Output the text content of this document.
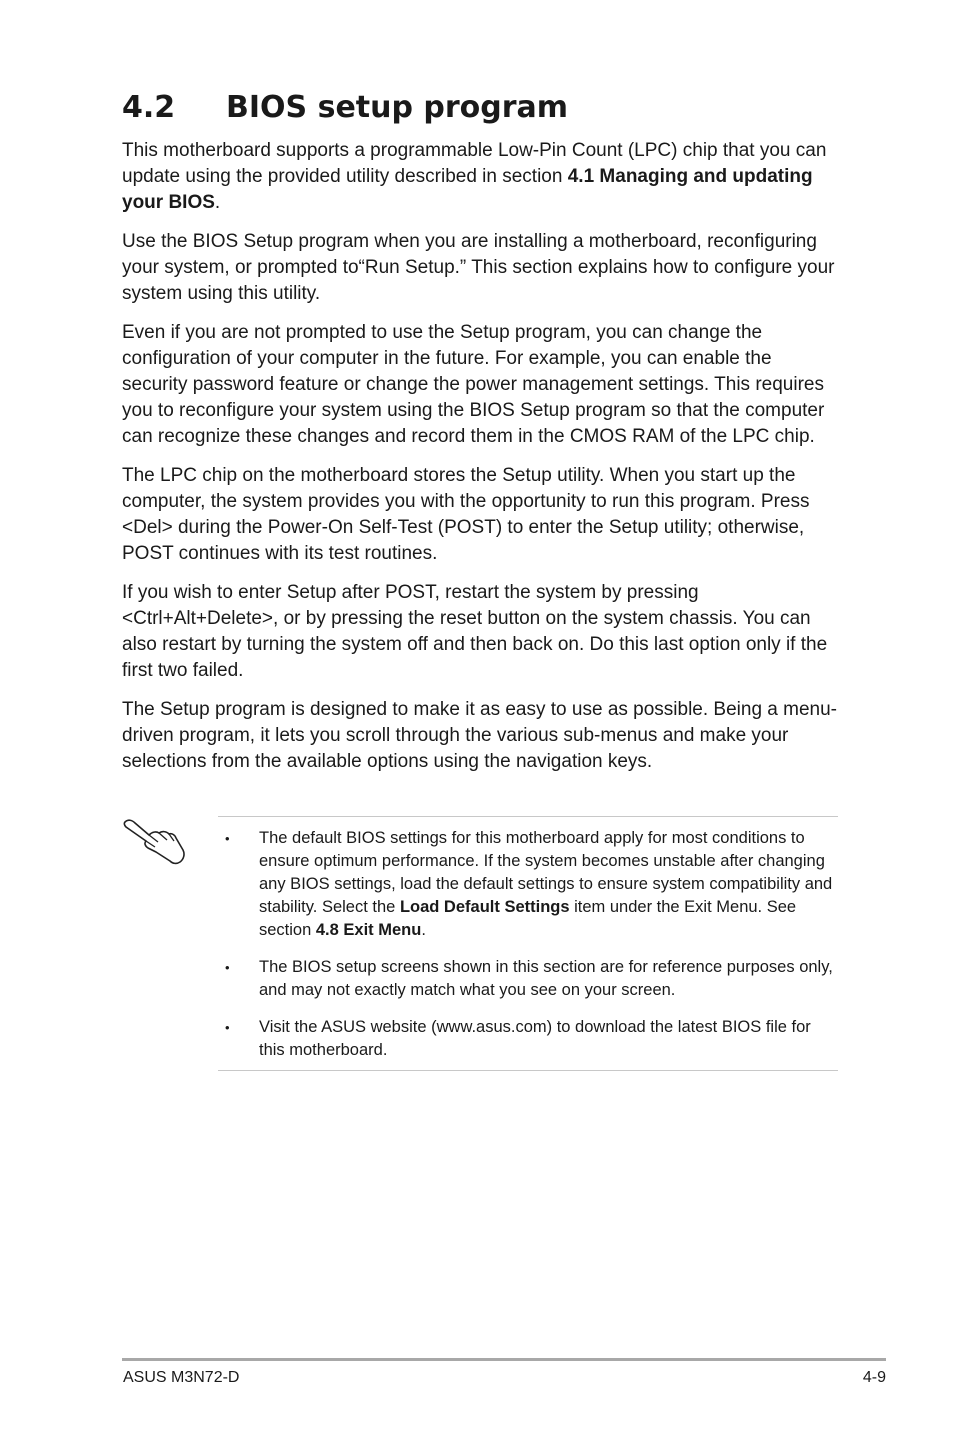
4.2 BIOS setup program

This motherboard supports a programmable Low-Pin Count (LPC) chip that you can update using the provided utility described in section 4.1 Managing and updating your BIOS.

Use the BIOS Setup program when you are installing a motherboard, reconfiguring your system, or prompted to“Run Setup.” This section explains how to configure your system using this utility.

Even if you are not prompted to use the Setup program, you can change the configuration of your computer in the future. For example, you can enable the security password feature or change the power management settings. This requires you to reconfigure your system using the BIOS Setup program so that the computer can recognize these changes and record them in the CMOS RAM of the LPC chip.

The LPC chip on the motherboard stores the Setup utility. When you start up the computer, the system provides you with the opportunity to run this program. Press <Del> during the Power-On Self-Test (POST) to enter the Setup utility; otherwise, POST continues with its test routines.

If you wish to enter Setup after POST, restart the system by pressing <Ctrl+Alt+Delete>, or by pressing the reset button on the system chassis. You can also restart by turning the system off and then back on. Do this last option only if the first two failed.

The Setup program is designed to make it as easy to use as possible. Being a menu-driven program, it lets you scroll through the various sub-menus and make your selections from the available options using the navigation keys.

• The default BIOS settings for this motherboard apply for most conditions to ensure optimum performance. If the system becomes unstable after changing any BIOS settings, load the default settings to ensure system compatibility and stability. Select the Load Default Settings item under the Exit Menu. See section 4.8 Exit Menu.
• The BIOS setup screens shown in this section are for reference purposes only, and may not exactly match what you see on your screen.
• Visit the ASUS website (www.asus.com) to download the latest BIOS file for this motherboard.
ASUS M3N72-D	4-9
